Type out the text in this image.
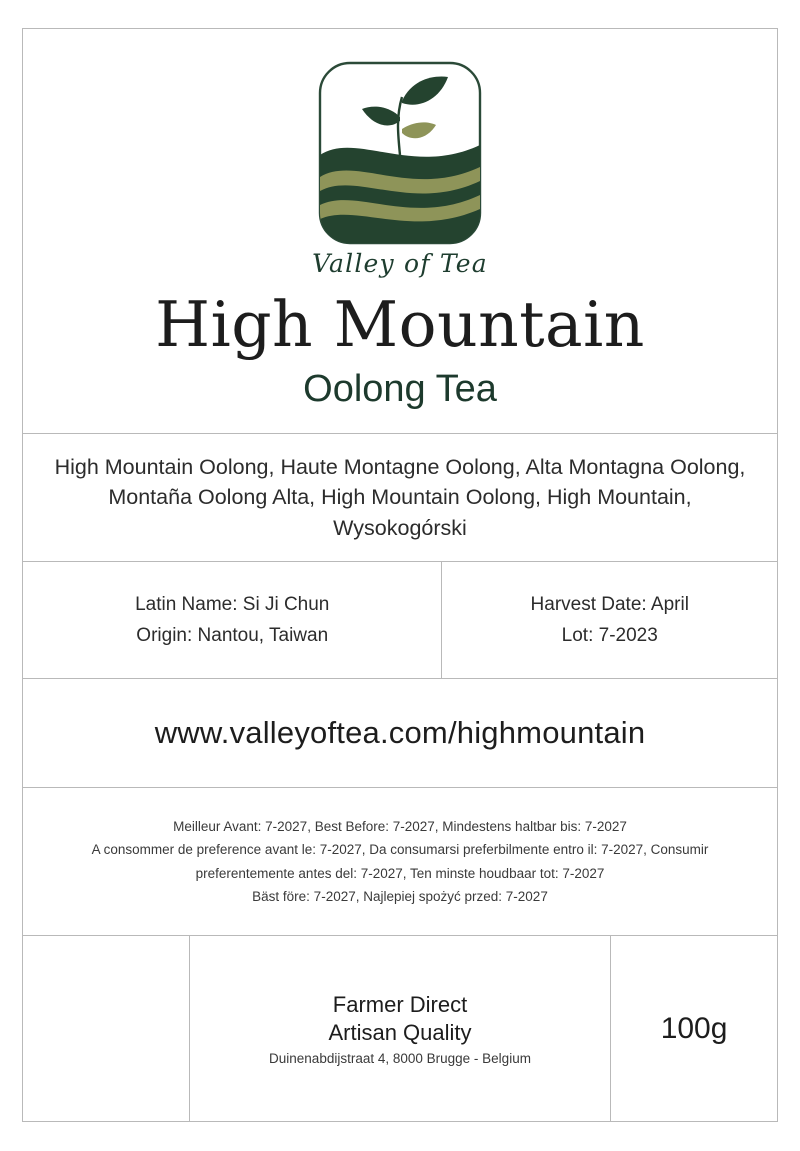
Valley of Tea
High Mountain
Oolong Tea
High Mountain Oolong, Haute Montagne Oolong, Alta Montagna Oolong,
Montaña Oolong Alta, High Mountain Oolong, High Mountain,
Wysokogórski
Latin Name: Si Ji Chun
Origin: Nantou, Taiwan
Harvest Date: April
Lot: 7-2023
www.valleyoftea.com/highmountain
Meilleur Avant: 7-2027, Best Before: 7-2027, Mindestens haltbar bis: 7-2027
A consommer de preference avant le: 7-2027, Da consumarsi preferbilmente entro il: 7-2027, Consumir
preferentemente antes del: 7-2027, Ten minste houdbaar tot: 7-2027
Bäst före: 7-2027, Najlepiej spożyć przed: 7-2027
Farmer Direct
Artisan Quality
Duinenabdijstraat 4, 8000 Brugge - Belgium
100g
